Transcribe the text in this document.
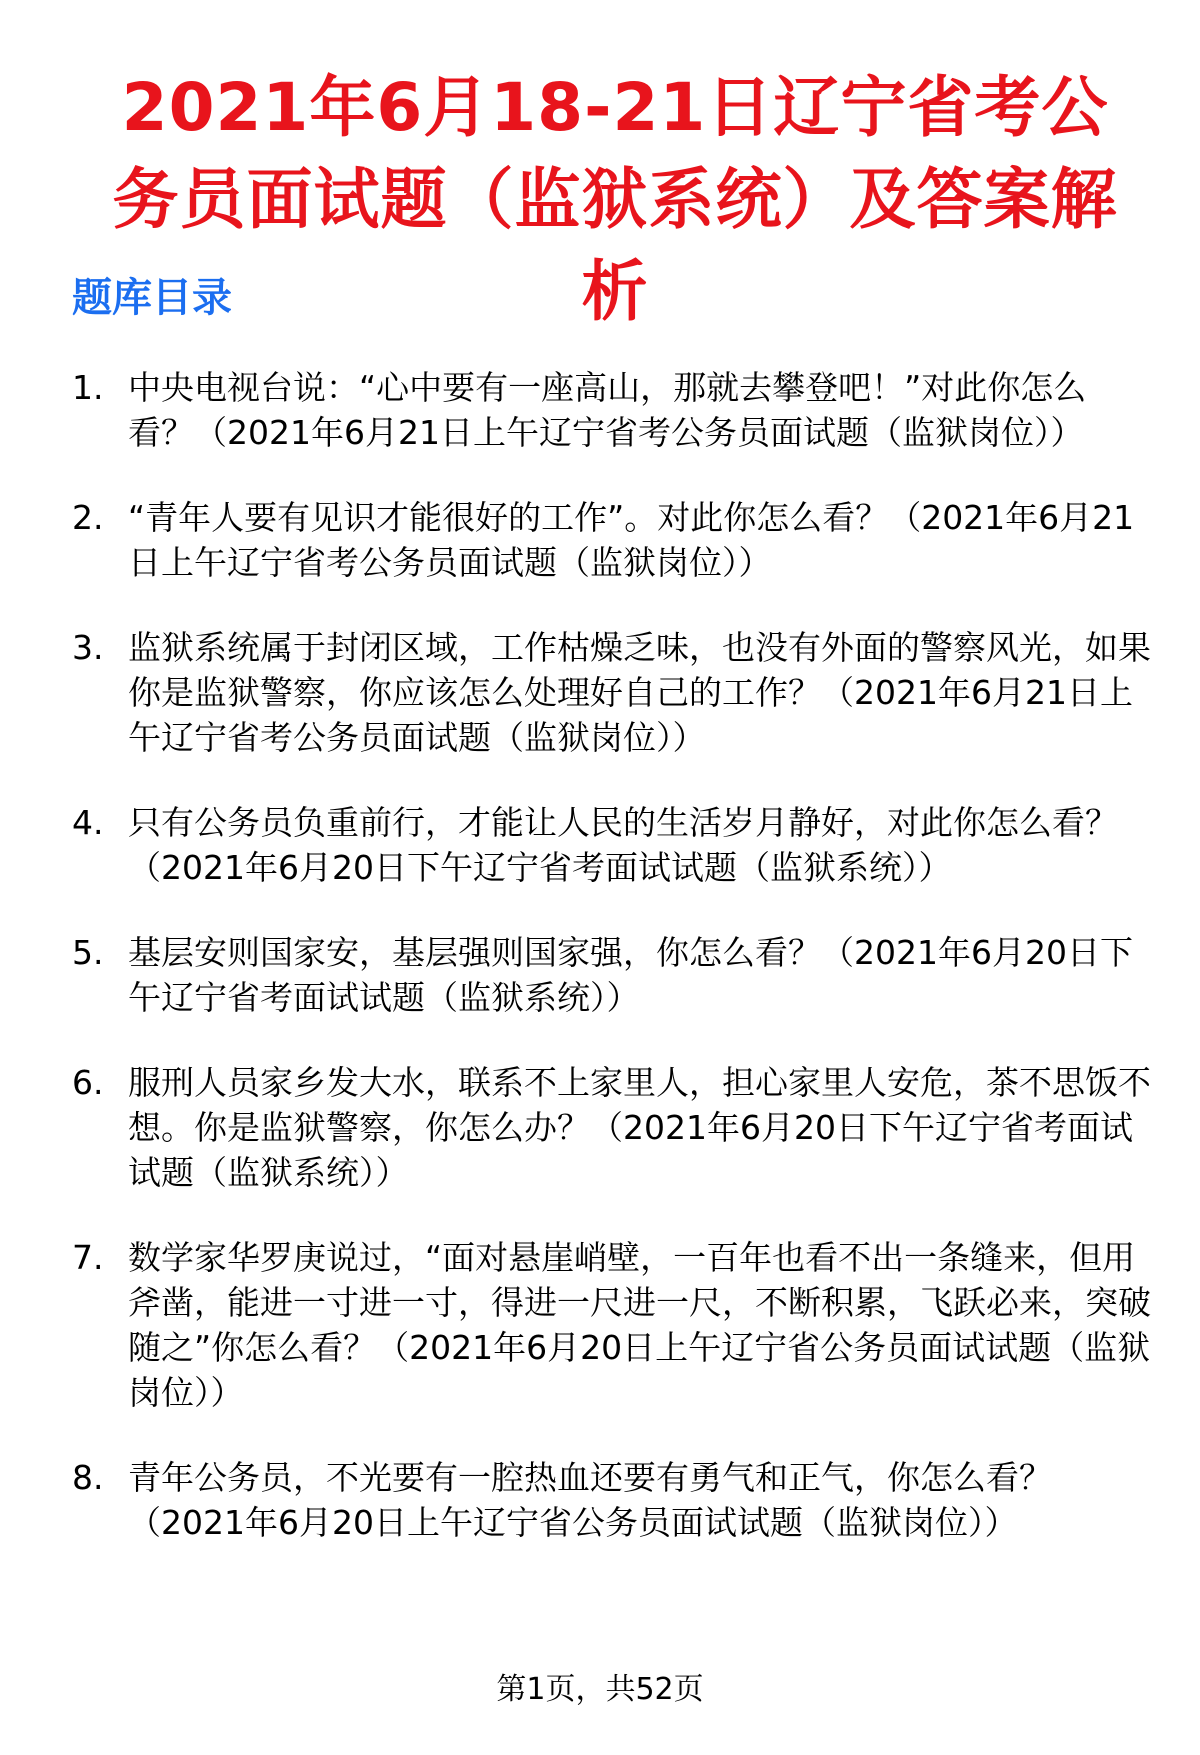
2021年6月18-21日辽宁省考公务员面试题（监狱系统）及答案解析
题库目录
1. 中央电视台说：“心中要有一座高山，那就去攀登吧！”对此你怎么看？（2021年6月21日上午辽宁省考公务员面试题（监狱岗位））
2. “青年人要有见识才能很好的工作”。对此你怎么看？（2021年6月21日上午辽宁省考公务员面试题（监狱岗位））
3. 监狱系统属于封闭区域，工作枯燥乏味，也没有外面的警察风光，如果你是监狱警察，你应该怎么处理好自己的工作？（2021年6月21日上午辽宁省考公务员面试题（监狱岗位））
4. 只有公务员负重前行，才能让人民的生活岁月静好，对此你怎么看？（2021年6月20日下午辽宁省考面试试题（监狱系统））
5. 基层安则国家安，基层强则国家强，你怎么看？（2021年6月20日下午辽宁省考面试试题（监狱系统））
6. 服刑人员家乡发大水，联系不上家里人，担心家里人安危，茶不思饭不想。你是监狱警察，你怎么办？（2021年6月20日下午辽宁省考面试试题（监狱系统））
7. 数学家华罗庚说过，“面对悬崖峭壁，一百年也看不出一条缝来，但用斧凿，能进一寸进一寸，得进一尺进一尺，不断积累，飞跃必来，突破随之”你怎么看？（2021年6月20日上午辽宁省公务员面试试题（监狱岗位））
8. 青年公务员，不光要有一腔热血还要有勇气和正气，你怎么看？（2021年6月20日上午辽宁省公务员面试试题（监狱岗位））
第1页，共52页
